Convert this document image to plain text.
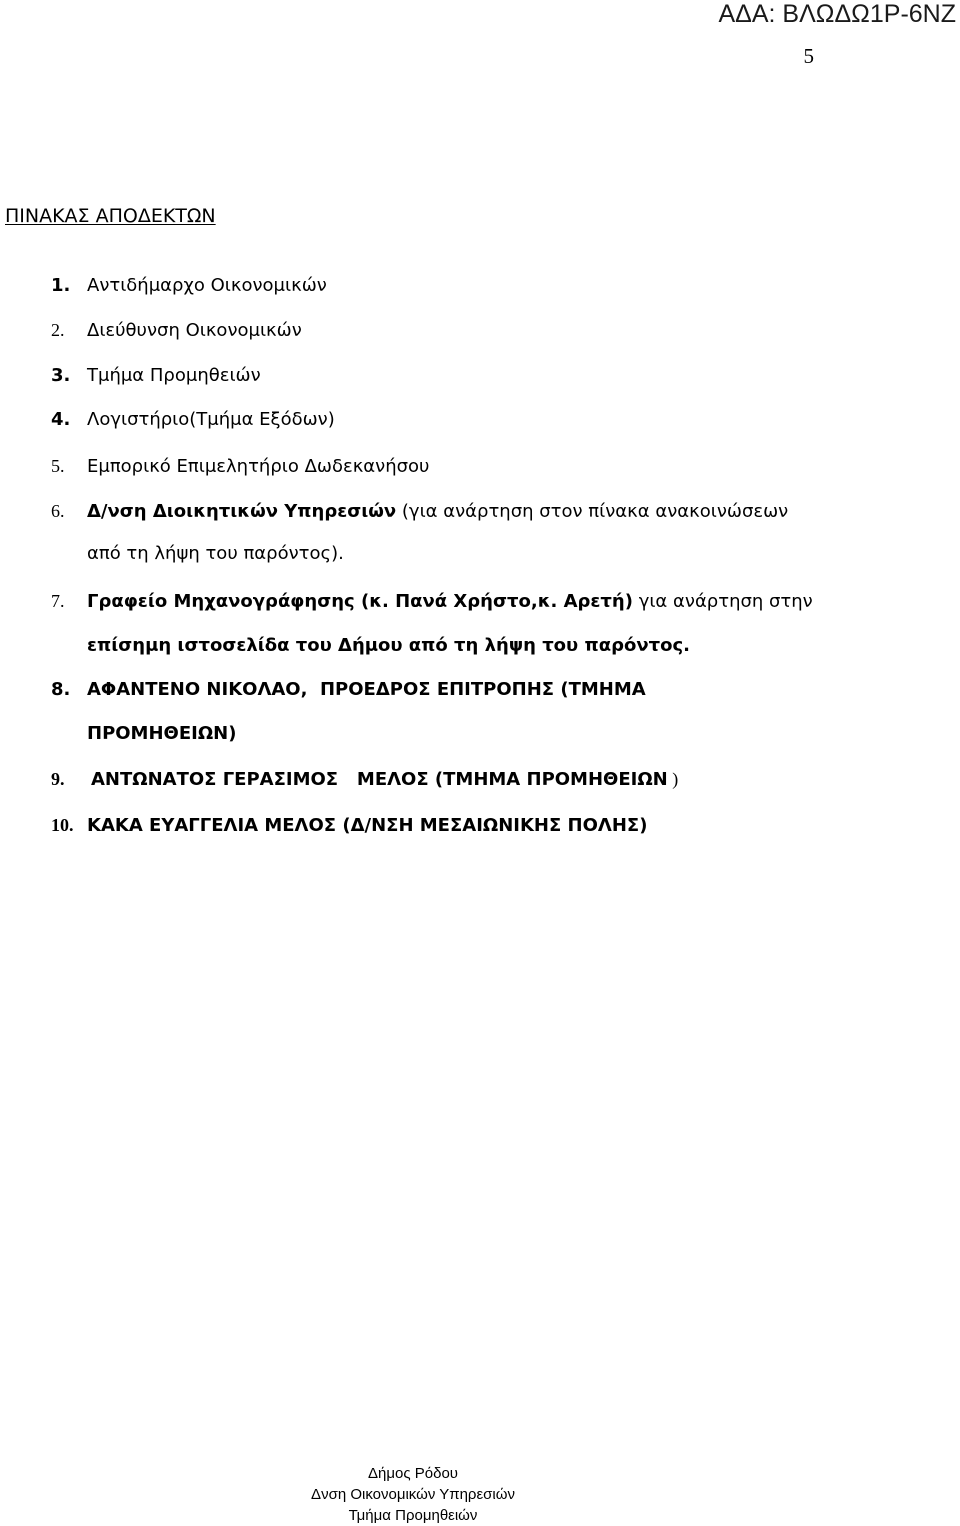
ΑΔΑ: ΒΛΩΔΩ1Ρ-6ΝΖ
5
ΠΙΝΑΚΑΣ ΑΠΟΔΕΚΤΩΝ
1. Αντιδήμαρχο Οικονομικών
2. Διεύθυνση Οικονομικών
3. Τμήμα Προμηθειών
4. Λογιστήριο(Τμήμα Εξόδων)
5. Εμπορικό Επιμελητήριο Δωδεκανήσου
6. Δ/νση Διοικητικών Υπηρεσιών (για ανάρτηση στον πίνακα ανακοινώσεων
από τη λήψη του παρόντος).
7. Γραφείο Μηχανογράφησης (κ. Πανά Χρήστο,κ. Αρετή) για ανάρτηση στην
επίσημη ιστοσελίδα του Δήμου από τη λήψη του παρόντος.
8. ΑΦΑΝΤΕΝΟ ΝΙΚΟΛΑΟ,  ΠΡΟΕΔΡΟΣ ΕΠΙΤΡΟΠΗΣ (ΤΜΗΜΑ
ΠΡΟΜΗΘΕΙΩΝ)
9. ΑΝΤΩΝΑΤΟΣ ΓΕΡΑΣΙΜΟΣ   ΜΕΛΟΣ (ΤΜΗΜΑ ΠΡΟΜΗΘΕΙΩΝ )
10. ΚΑΚΑ ΕΥΑΓΓΕΛΙΑ ΜΕΛΟΣ (Δ/ΝΣΗ ΜΕΣΑΙΩΝΙΚΗΣ ΠΟΛΗΣ)
Δήμος Ρόδου
Δνση Οικονομικών Υπηρεσιών
Τμήμα Προμηθειών
